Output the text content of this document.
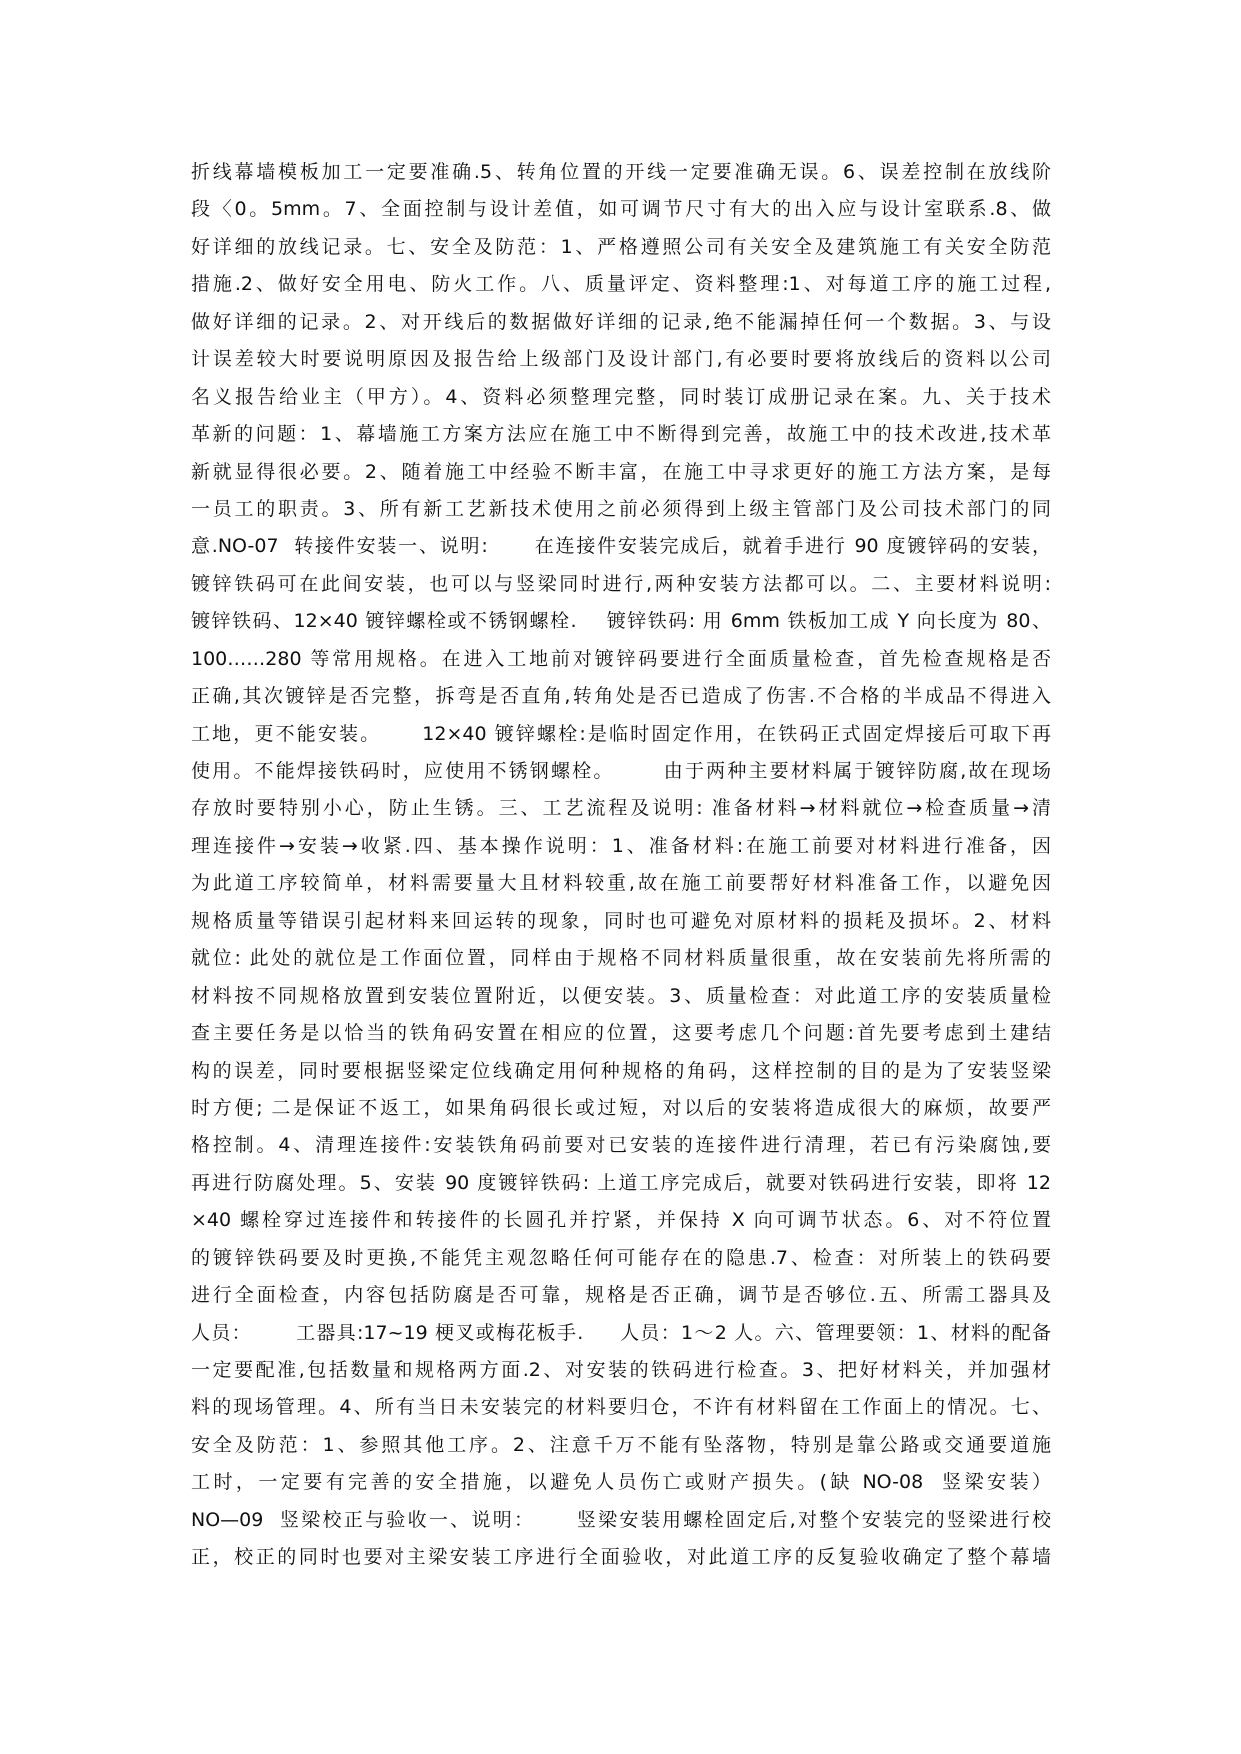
折线幕墙模板加工一定要准确.5、转角位置的开线一定要准确无误。6、误差控制在放线阶
段〈0。5mm。7、全面控制与设计差值，如可调节尺寸有大的出入应与设计室联系.8、做
好详细的放线记录。七、安全及防范：1、严格遵照公司有关安全及建筑施工有关安全防范
措施.2、做好安全用电、防火工作。八、质量评定、资料整理:1、对每道工序的施工过程,
做好详细的记录。2、对开线后的数据做好详细的记录,绝不能漏掉任何一个数据。3、与设
计误差较大时要说明原因及报告给上级部门及设计部门,有必要时要将放线后的资料以公司
名义报告给业主（甲方）。4、资料必须整理完整，同时装订成册记录在案。九、关于技术
革新的问题：1、幕墙施工方案方法应在施工中不断得到完善，故施工中的技术改进,技术革
新就显得很必要。2、随着施工中经验不断丰富，在施工中寻求更好的施工方法方案，是每
一员工的职责。3、所有新工艺新技术使用之前必须得到上级主管部门及公司技术部门的同
意.NO-07  转接件安装一、说明:      在连接件安装完成后，就着手进行 90 度镀锌码的安装，
镀锌铁码可在此间安装，也可以与竖梁同时进行,两种安装方法都可以。二、主要材料说明:
镀锌铁码、12×40 镀锌螺栓或不锈钢螺栓.    镀锌铁码: 用 6mm 铁板加工成 Y 向长度为 80、
100……280 等常用规格。在进入工地前对镀锌码要进行全面质量检查，首先检查规格是否
正确,其次镀锌是否完整，拆弯是否直角,转角处是否已造成了伤害.不合格的半成品不得进入
工地，更不能安装。     12×40 镀锌螺栓:是临时固定作用，在铁码正式固定焊接后可取下再
使用。不能焊接铁码时，应使用不锈钢螺栓。      由于两种主要材料属于镀锌防腐,故在现场
存放时要特别小心，防止生锈。三、工艺流程及说明: 准备材料→材料就位→检查质量→清
理连接件→安装→收紧.四、基本操作说明：1、准备材料:在施工前要对材料进行准备，因
为此道工序较简单，材料需要量大且材料较重,故在施工前要帮好材料准备工作，以避免因
规格质量等错误引起材料来回运转的现象，同时也可避免对原材料的损耗及损坏。2、材料
就位: 此处的就位是工作面位置，同样由于规格不同材料质量很重，故在安装前先将所需的
材料按不同规格放置到安装位置附近，以便安装。3、质量检查：对此道工序的安装质量检
查主要任务是以恰当的铁角码安置在相应的位置，这要考虑几个问题:首先要考虑到土建结
构的误差，同时要根据竖梁定位线确定用何种规格的角码，这样控制的目的是为了安装竖梁
时方便; 二是保证不返工，如果角码很长或过短，对以后的安装将造成很大的麻烦，故要严
格控制。4、清理连接件:安装铁角码前要对已安装的连接件进行清理，若已有污染腐蚀,要
再进行防腐处理。5、安装 90 度镀锌铁码: 上道工序完成后，就要对铁码进行安装，即将 12
×40 螺栓穿过连接件和转接件的长圆孔并拧紧，并保持 X 向可调节状态。6、对不符位置
的镀锌铁码要及时更换,不能凭主观忽略任何可能存在的隐患.7、检查：对所装上的铁码要
进行全面检查，内容包括防腐是否可靠，规格是否正确，调节是否够位.五、所需工器具及
人员：      工器具:17~19 梗叉或梅花板手.     人员：1～2 人。六、管理要领：1、材料的配备
一定要配准,包括数量和规格两方面.2、对安装的铁码进行检查。3、把好材料关，并加强材
料的现场管理。4、所有当日未安装完的材料要归仓，不许有材料留在工作面上的情况。七、
安全及防范：1、参照其他工序。2、注意千万不能有坠落物，特别是靠公路或交通要道施
工时，一定要有完善的安全措施，以避免人员伤亡或财产损失。(缺 NO-08  竖梁安装）
NO—09  竖梁校正与验收一、说明：     竖梁安装用螺栓固定后,对整个安装完的竖梁进行校
正，校正的同时也要对主梁安装工序进行全面验收，对此道工序的反复验收确定了整个幕墙
